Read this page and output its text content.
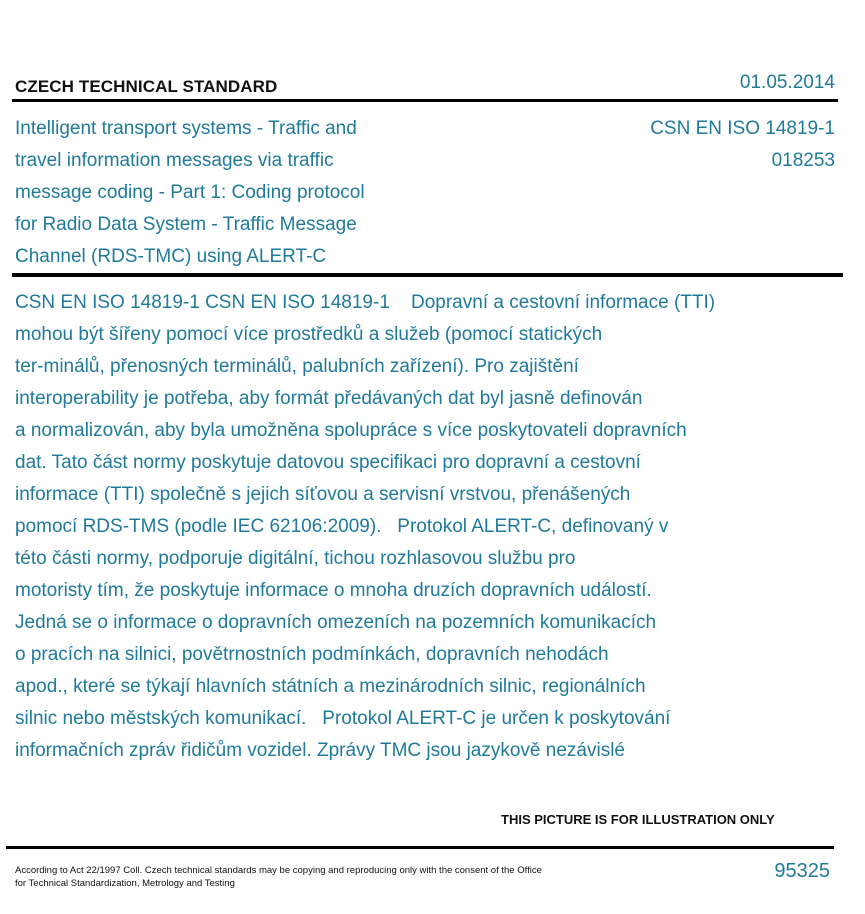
CZECH TECHNICAL STANDARD	01.05.2014
Intelligent transport systems - Traffic and
travel information messages via traffic
message coding - Part 1: Coding protocol
for Radio Data System - Traffic Message
Channel (RDS-TMC) using ALERT-C
CSN EN ISO 14819-1
018253
CSN EN ISO 14819-1 CSN EN ISO 14819-1    Dopravní a cestovní informace (TTI)
mohou být šířeny pomocí více prostředků a služeb (pomocí statických
ter-minálů, přenosných terminálů, palubních zařízení). Pro zajištění
interoperability je potřeba, aby formát předávaných dat byl jasně definován
a normalizován, aby byla umožněna spolupráce s více poskytovateli dopravních
dat. Tato část normy poskytuje datovou specifikaci pro dopravní a cestovní
informace (TTI) společně s jejich síťovou a servisní vrstvou, přenášených
pomocí RDS-TMS (podle IEC 62106:2009).   Protokol ALERT-C, definovaný v
této části normy, podporuje digitální, tichou rozhlasovou službu pro
motoristy tím, že poskytuje informace o mnoha druzích dopravních událostí.
Jedná se o informace o dopravních omezeních na pozemních komunikacích
o pracích na silnici, povětrnostních podmínkách, dopravních nehodách
apod., které se týkají hlavních státních a mezinárodních silnic, regionálních
silnic nebo městských komunikací.   Protokol ALERT-C je určen k poskytování
informačních zpráv řidičům vozidel. Zprávy TMC jsou jazykově nezávislé
THIS PICTURE IS FOR ILLUSTRATION ONLY
According to Act 22/1997 Coll. Czech technical standards may be copying and reproducing only with the consent of the Office
for Technical Standardization, Metrology and Testing
95325
